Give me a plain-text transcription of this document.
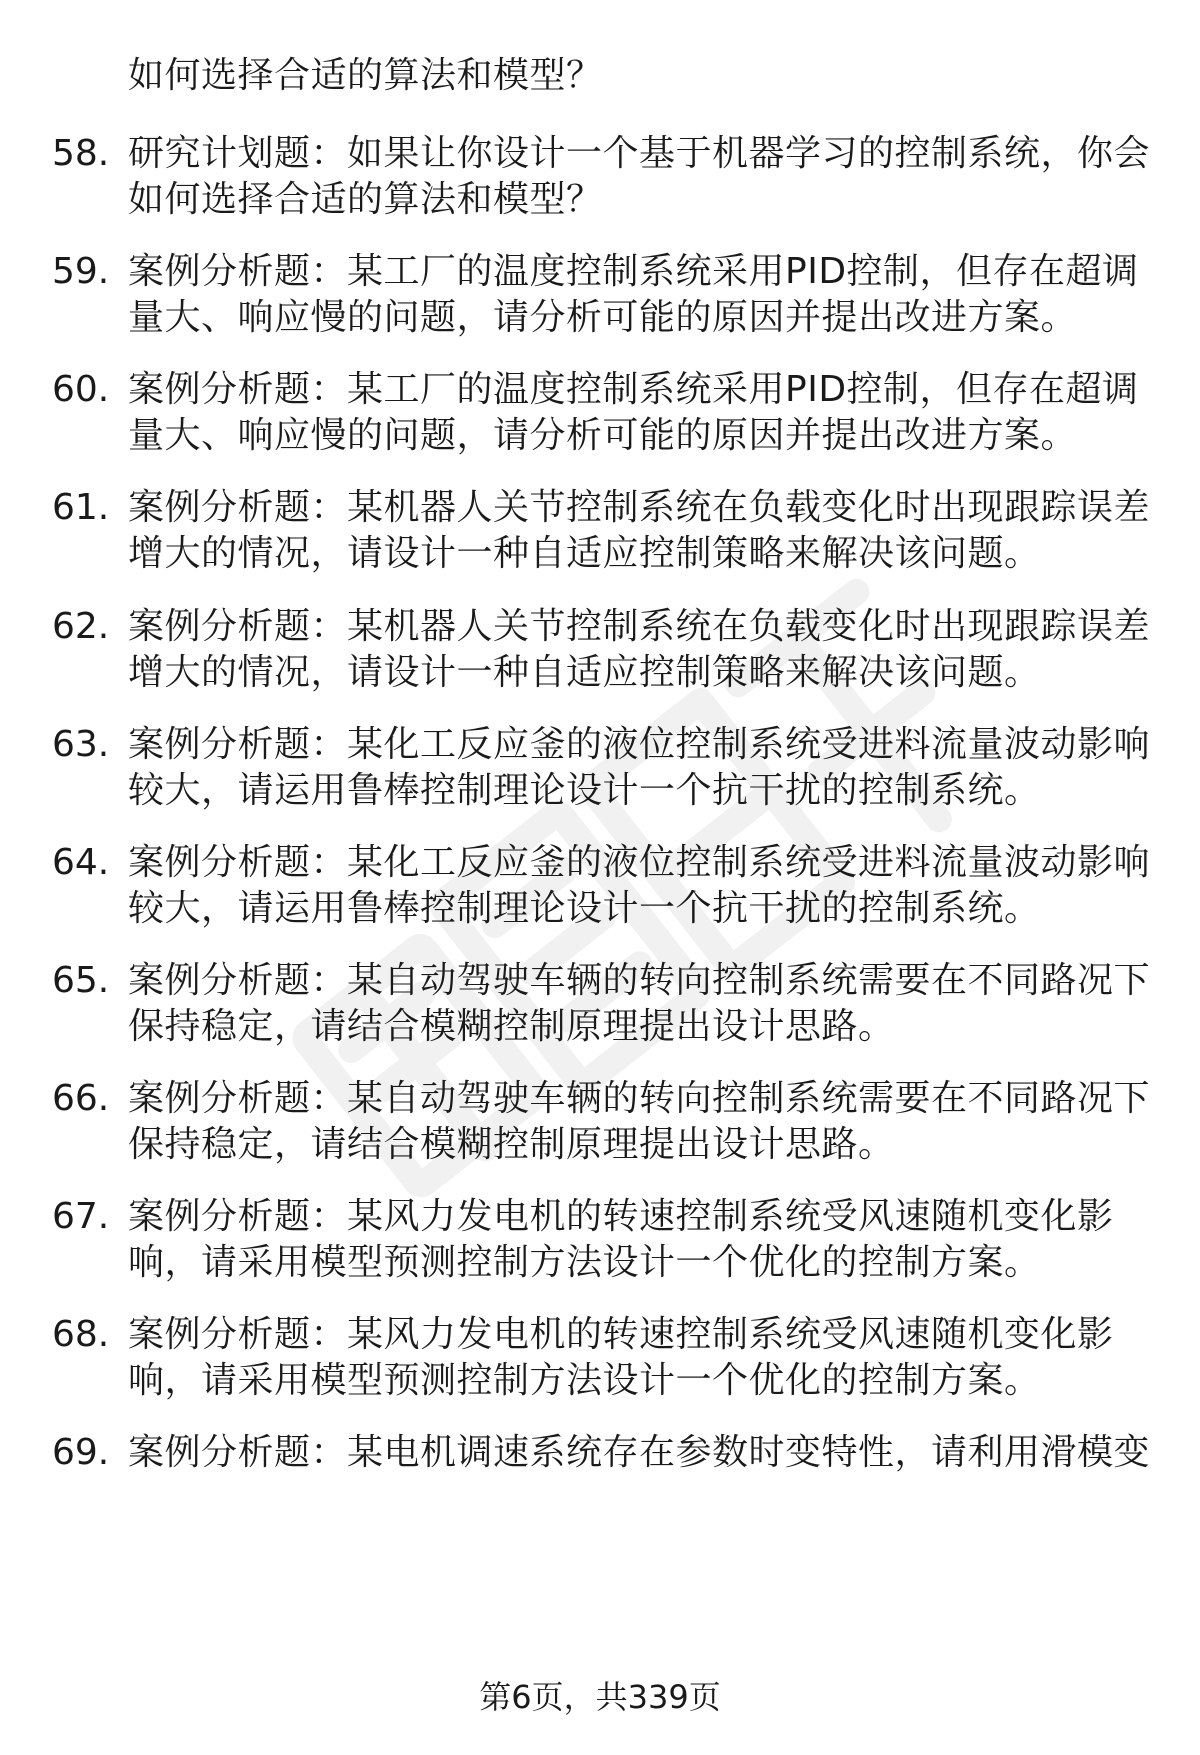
如何选择合适的算法和模型？
58. 研究计划题：如果让你设计一个基于机器学习的控制系统，你会
如何选择合适的算法和模型？
59. 案例分析题：某工厂的温度控制系统采用PID控制，但存在超调
量大、响应慢的问题，请分析可能的原因并提出改进方案。
60. 案例分析题：某工厂的温度控制系统采用PID控制，但存在超调
量大、响应慢的问题，请分析可能的原因并提出改进方案。
61. 案例分析题：某机器人关节控制系统在负载变化时出现跟踪误差
增大的情况，请设计一种自适应控制策略来解决该问题。
62. 案例分析题：某机器人关节控制系统在负载变化时出现跟踪误差
增大的情况，请设计一种自适应控制策略来解决该问题。
63. 案例分析题：某化工反应釜的液位控制系统受进料流量波动影响
较大，请运用鲁棒控制理论设计一个抗干扰的控制系统。
64. 案例分析题：某化工反应釜的液位控制系统受进料流量波动影响
较大，请运用鲁棒控制理论设计一个抗干扰的控制系统。
65. 案例分析题：某自动驾驶车辆的转向控制系统需要在不同路况下
保持稳定，请结合模糊控制原理提出设计思路。
66. 案例分析题：某自动驾驶车辆的转向控制系统需要在不同路况下
保持稳定，请结合模糊控制原理提出设计思路。
67. 案例分析题：某风力发电机的转速控制系统受风速随机变化影
响，请采用模型预测控制方法设计一个优化的控制方案。
68. 案例分析题：某风力发电机的转速控制系统受风速随机变化影
响，请采用模型预测控制方法设计一个优化的控制方案。
69. 案例分析题：某电机调速系统存在参数时变特性，请利用滑模变
第6页，共339页
